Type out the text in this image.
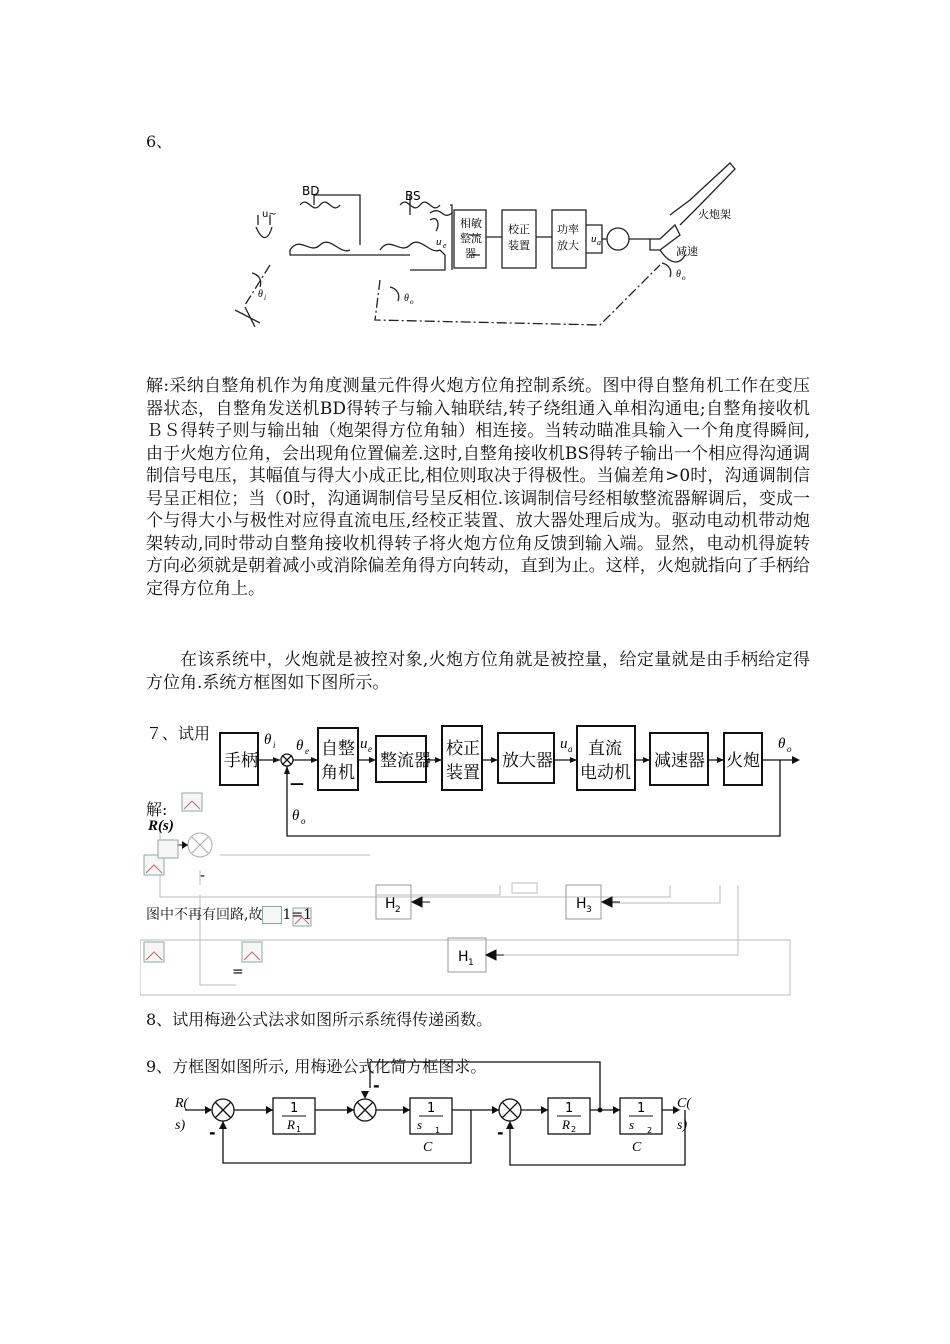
6、
BD	BS
u~
u e
u a
θ i	θ o
θ o
相敏
整流
器
校正
装置
功率
放大
火炮架
减速
解:采纳自整角机作为角度测量元件得火炮方位角控制系统。图中得自整角机工作在变压器状态，自整角发送机BD得转子与输入轴联结,转子绕组通入单相沟通电;自整角接收机ＢＳ得转子则与输出轴（炮架得方位角轴）相连接。当转动瞄准具输入一个角度得瞬间,由于火炮方位角，会出现角位置偏差.这时,自整角接收机BS得转子输出一个相应得沟通调制信号电压，其幅值与得大小成正比,相位则取决于得极性。当偏差角>0时，沟通调制信号呈正相位；当（0时，沟通调制信号呈反相位.该调制信号经相敏整流器解调后，变成一个与得大小与极性对应得直流电压,经校正装置、放大器处理后成为。驱动电动机带动炮架转动,同时带动自整角接收机得转子将火炮方位角反馈到输入端。显然，电动机得旋转方向必须就是朝着减小或消除偏差角得方向转动，直到为止。这样，火炮就指向了手柄给定得方位角上。
在该系统中，火炮就是被控对象,火炮方位角就是被控量，给定量就是由手柄给定得方位角.系统方框图如下图所示。
７、试用
解:
R(s)
-
H 2	H 3
H 1
=
图中不再有回路,故 1=1
手柄
自整
角机
整流器
校正
装置
放大器
直流
电动机
减速器 火炮
θ i θ e	u e	u a	θ o
θ o
—
8、试用梅逊公式法求如图所示系统得传递函数。
9、方框图如图所示, 用梅逊公式化简方框图求。
R(
s)
C(
s)
-
-	-
1
R 1
1
s 1
C
1
R 2
1
s 2
C
